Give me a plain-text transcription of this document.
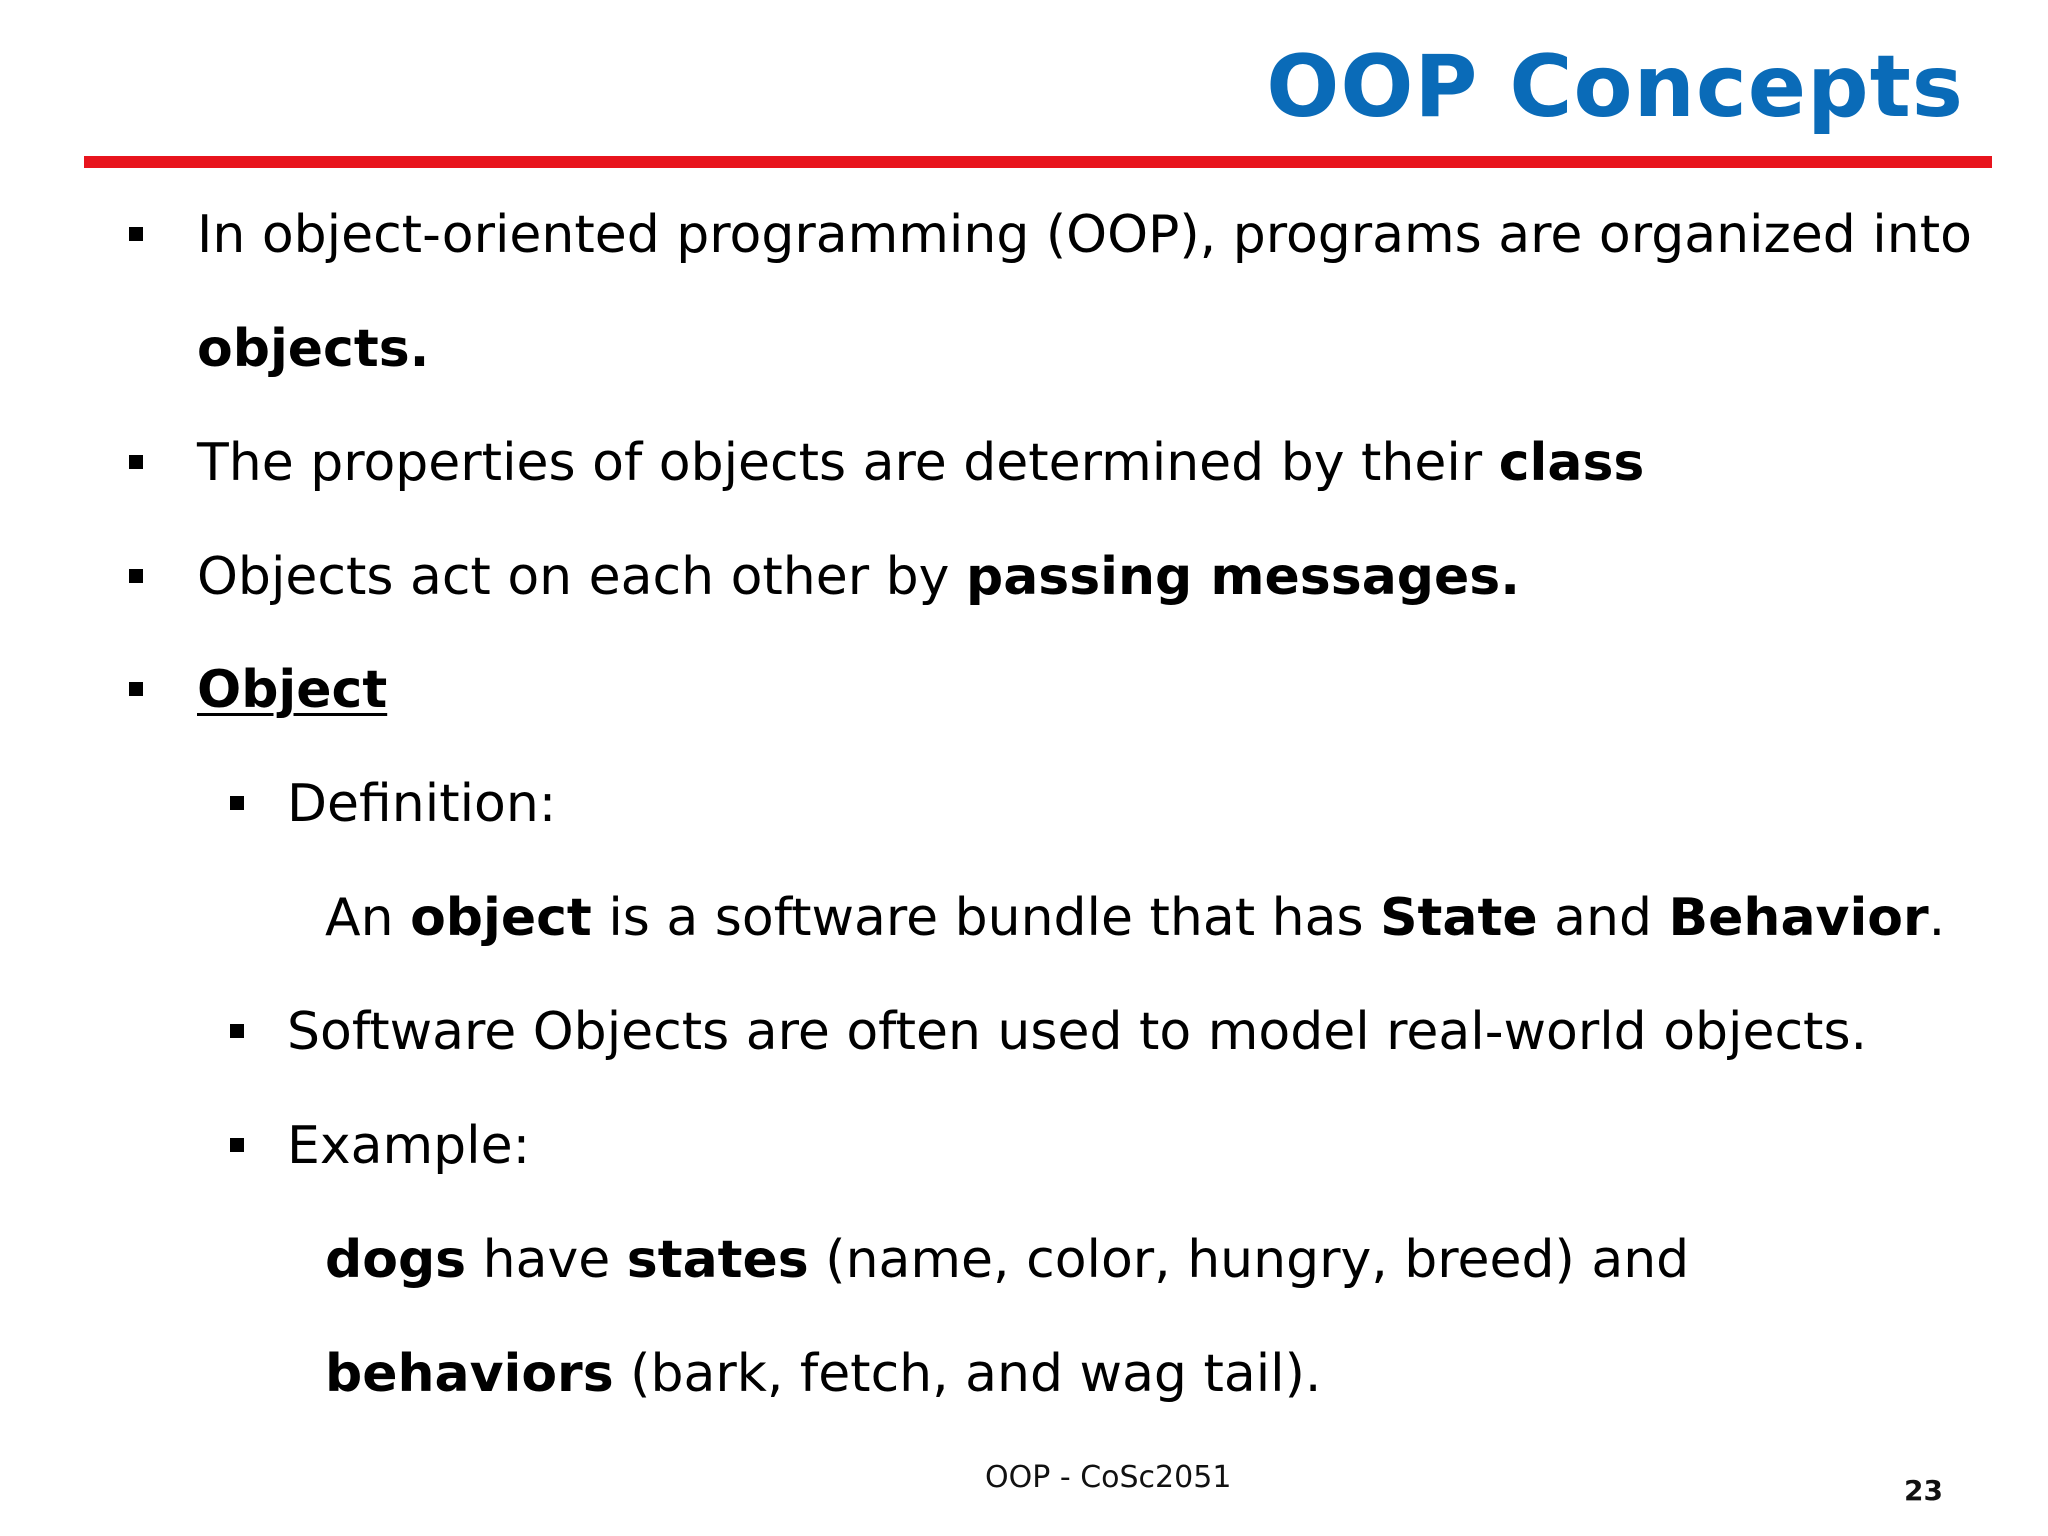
OOP Concepts

In object-oriented programming (OOP), programs are organized into

objects.

The properties of objects are determined by their class

Objects act on each other by passing messages.

Object

Definition:

An object is a software bundle that has State and Behavior.

Software Objects are often used to model real-world objects.

Example:

dogs have states (name, color, hungry, breed) and

behaviors (bark, fetch, and wag tail).

OOP - CoSc2051	23
